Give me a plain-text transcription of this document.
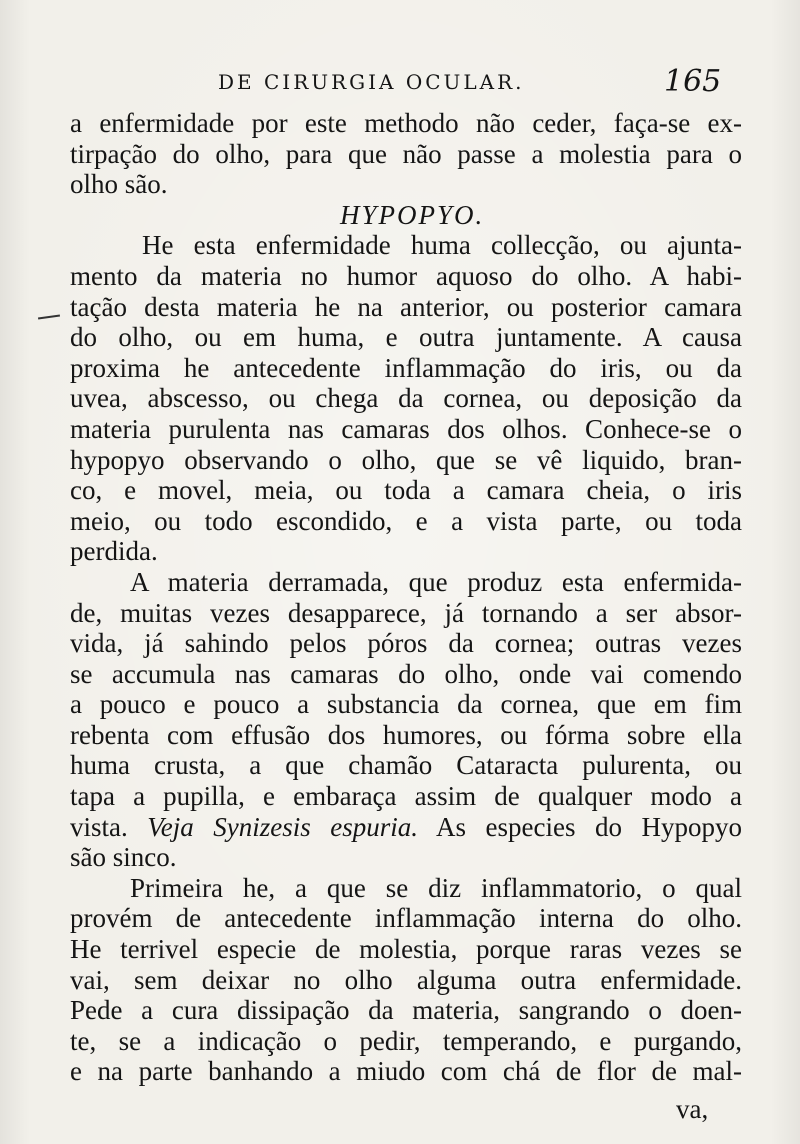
DE CIRURGIA OCULAR.	165
a enfermidade por este methodo não ceder, faça-se ex-
tirpação do olho, para que não passe a molestia para o
olho são.
HYPOPYO.
He esta enfermidade huma collecção, ou ajunta-
mento da materia no humor aquoso do olho. A habi-
tação desta materia he na anterior, ou posterior camara
do olho, ou em huma, e outra juntamente. A causa
proxima he antecedente inflammação do iris, ou da
uvea, abscesso, ou chega da cornea, ou deposição da
materia purulenta nas camaras dos olhos. Conhece-se o
hypopyo observando o olho, que se vê liquido, bran-
co, e movel, meia, ou toda a camara cheia, o iris
meio, ou todo escondido, e a vista parte, ou toda
perdida.
A materia derramada, que produz esta enfermida-
de, muitas vezes desapparece, já tornando a ser absor-
vida, já sahindo pelos póros da cornea; outras vezes
se accumula nas camaras do olho, onde vai comendo
a pouco e pouco a substancia da cornea, que em fim
rebenta com effusão dos humores, ou fórma sobre ella
huma crusta, a que chamão Cataracta pulurenta, ou
tapa a pupilla, e embaraça assim de qualquer modo a
vista. Veja Synizesis espuria. As especies do Hypopyo
são sinco.
Primeira he, a que se diz inflammatorio, o qual
provém de antecedente inflammação interna do olho.
He terrivel especie de molestia, porque raras vezes se
vai, sem deixar no olho alguma outra enfermidade.
Pede a cura dissipação da materia, sangrando o doen-
te, se a indicação o pedir, temperando, e purgando,
e na parte banhando a miudo com chá de flor de mal-
va,
